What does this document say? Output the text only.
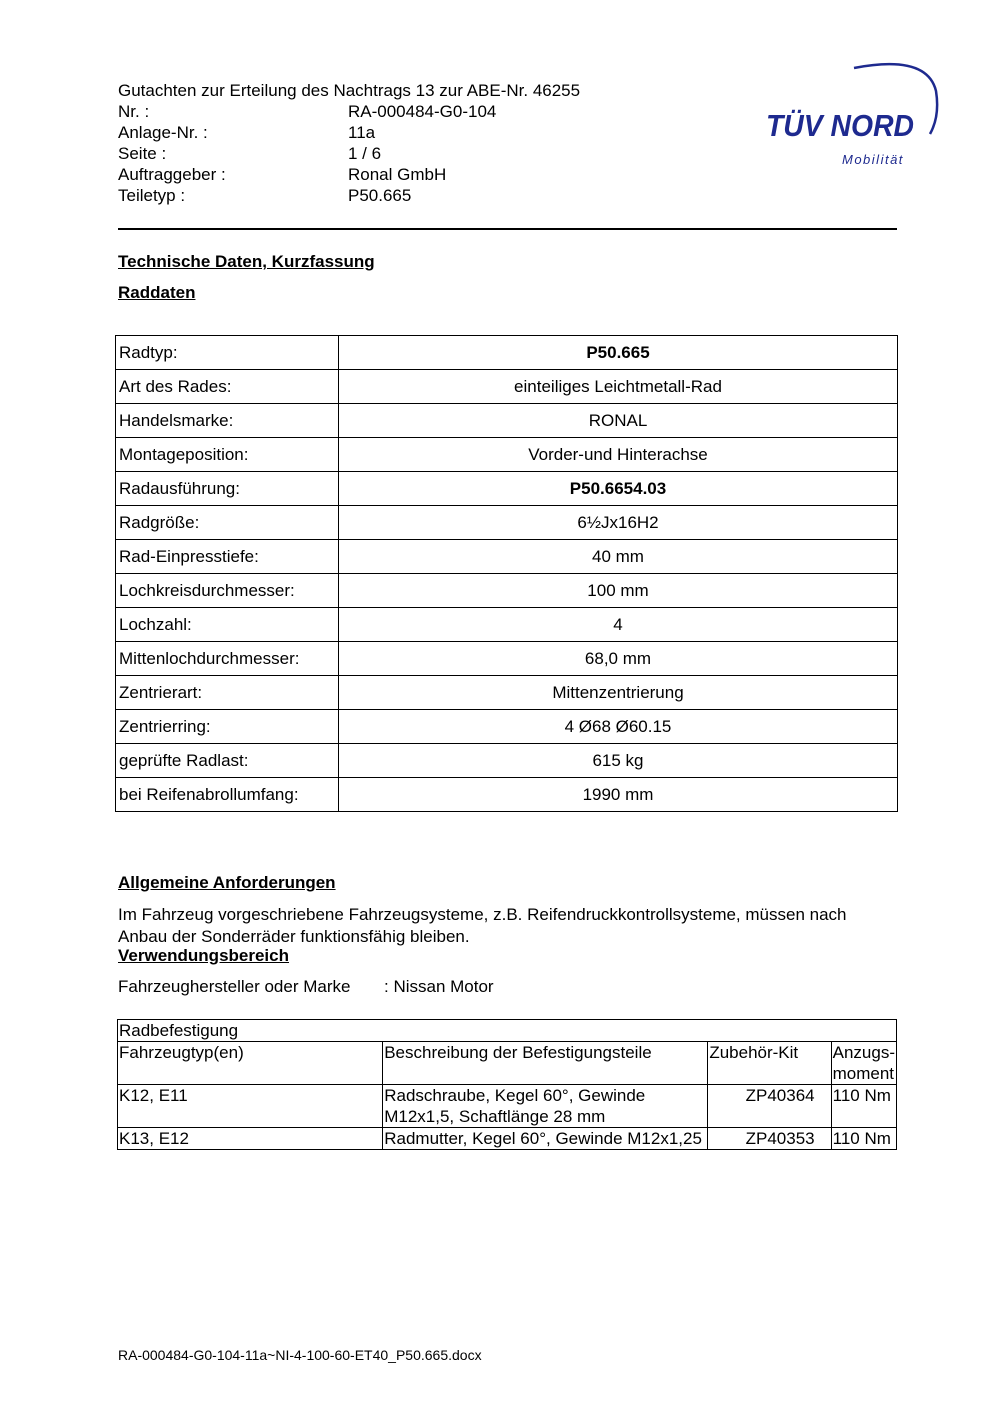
Gutachten zur Erteilung des Nachtrags 13 zur ABE-Nr. 46255
Nr. :	RA-000484-G0-104
Anlage-Nr. :	11a
Seite :	1 / 6
Auftraggeber :	Ronal GmbH
Teiletyp :	P50.665
TÜV NORD
Mobilität
Technische Daten, Kurzfassung
Raddaten
Radtyp:	P50.665
Art des Rades:	einteiliges Leichtmetall-Rad
Handelsmarke:	RONAL
Montageposition:	Vorder-und Hinterachse
Radausführung:	P50.6654.03
Radgröße:	6½Jx16H2
Rad-Einpresstiefe:	40 mm
Lochkreisdurchmesser:	100 mm
Lochzahl:	4
Mittenlochdurchmesser:	68,0 mm
Zentrierart:	Mittenzentrierung
Zentrierring:	4 Ø68 Ø60.15
geprüfte Radlast:	615 kg
bei Reifenabrollumfang:	1990 mm
Allgemeine Anforderungen
Im Fahrzeug vorgeschriebene Fahrzeugsysteme, z.B. Reifendruckkontrollsysteme, müssen nach Anbau der Sonderräder funktionsfähig bleiben.
Verwendungsbereich
Fahrzeughersteller oder Marke : Nissan Motor
Radbefestigung			
Fahrzeugtyp(en)	Beschreibung der Befestigungsteile	Zubehör-Kit	Anzugs-moment
K12, E11	Radschraube, Kegel 60°, Gewinde M12x1,5, Schaftlänge 28 mm	ZP40364	110 Nm
K13, E12	Radmutter, Kegel 60°, Gewinde M12x1,25	ZP40353	110 Nm
RA-000484-G0-104-11a~NI-4-100-60-ET40_P50.665.docx
